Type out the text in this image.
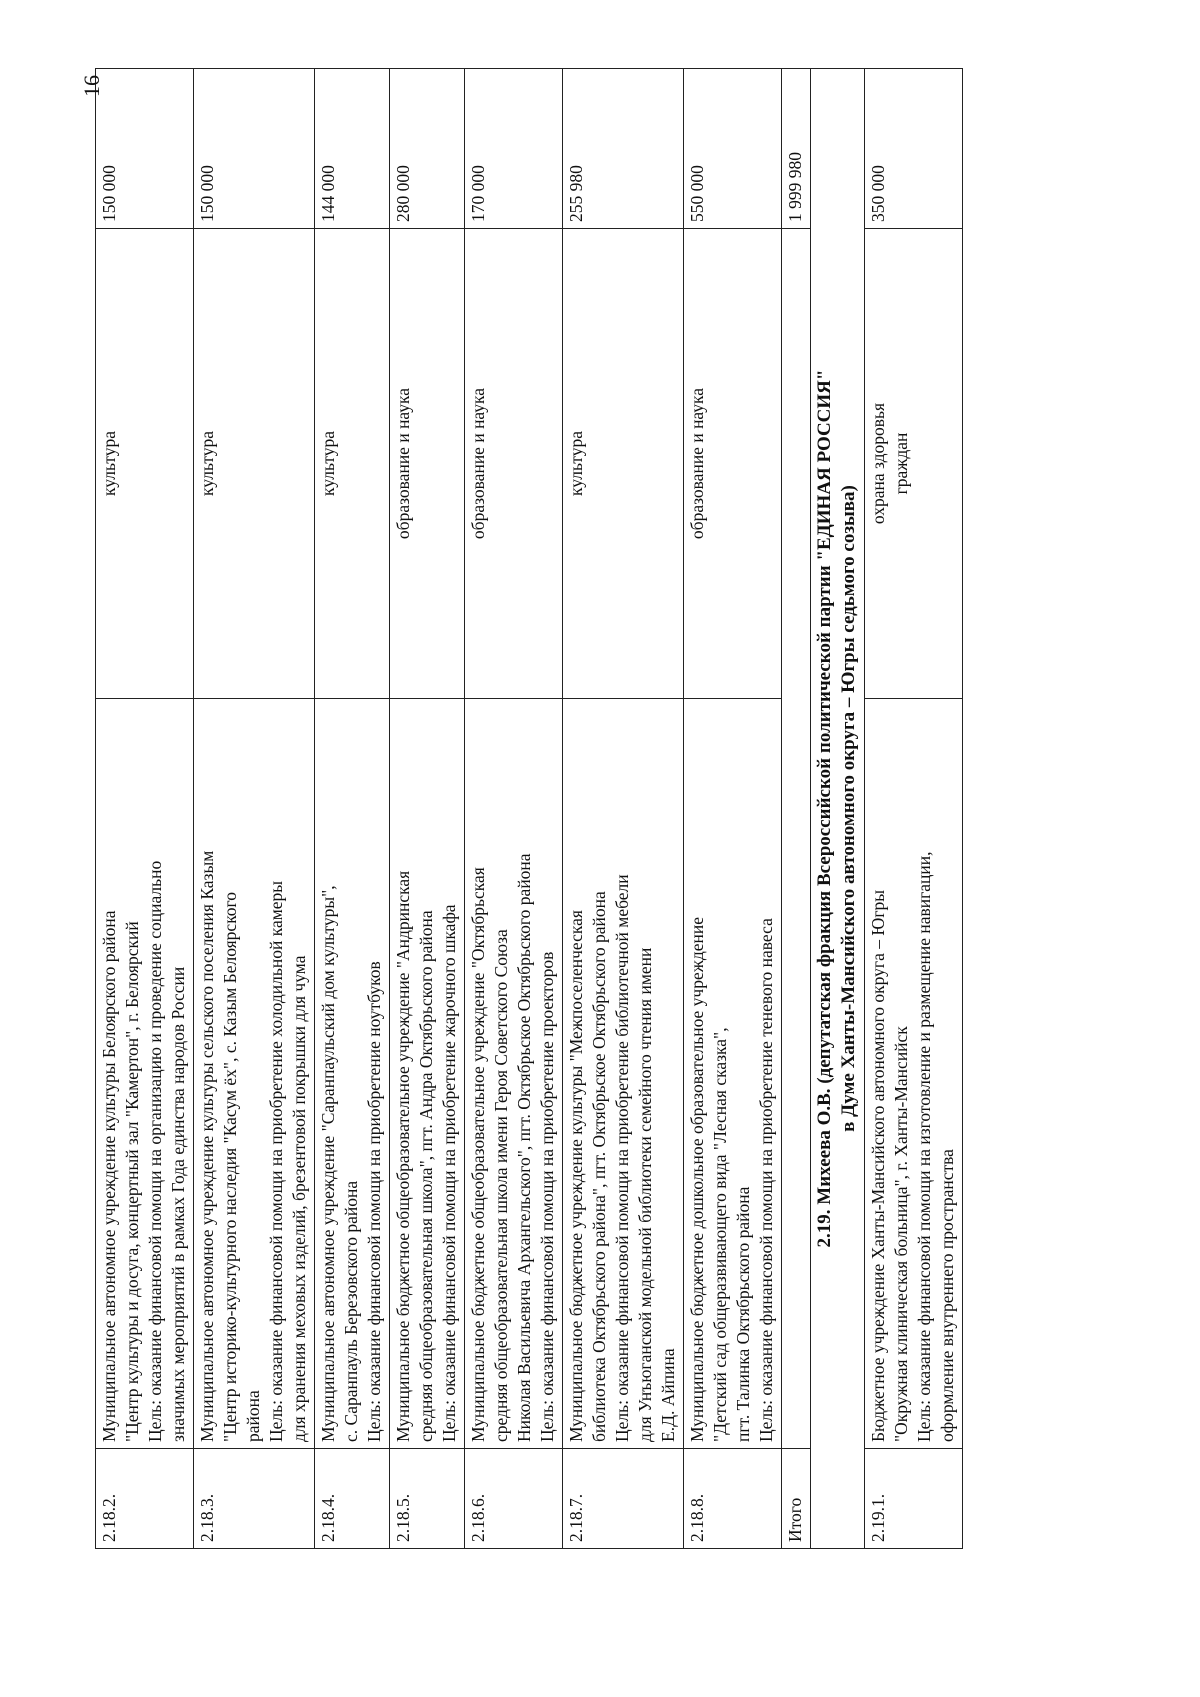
16
2.18.2.	Муниципальное автономное учреждение культуры Белоярского района "Центр культуры и досуга, концертный зал "Камертон", г. Белоярский Цель: оказание финансовой помощи на организацию и проведение социально значимых мероприятий в рамках Года единства народов России	культура	150 000
2.18.3.	Муниципальное автономное учреждение культуры сельского поселения Казым "Центр историко-культурного наследия "Касум ёх", с. Казым Белоярского района Цель: оказание финансовой помощи на приобретение холодильной камеры для хранения меховых изделий, брезентовой покрышки для чума	культура	150 000
2.18.4.	Муниципальное автономное учреждение "Саранпаульский дом культуры", с. Саранпауль Березовского района Цель: оказание финансовой помощи на приобретение ноутбуков	культура	144 000
2.18.5.	Муниципальное бюджетное общеобразовательное учреждение "Андринская средняя общеобразовательная школа", пгт. Андра Октябрьского района Цель: оказание финансовой помощи на приобретение жарочного шкафа	образование и наука	280 000
2.18.6.	Муниципальное бюджетное общеобразовательное учреждение "Октябрьская средняя общеобразовательная школа имени Героя Советского Союза Николая Васильевича Архангельского", пгт. Октябрьское Октябрьского района Цель: оказание финансовой помощи на приобретение проекторов	образование и наука	170 000
2.18.7.	Муниципальное бюджетное учреждение культуры "Межпоселенческая библиотека Октябрьского района", пгт. Октябрьское Октябрьского района Цель: оказание финансовой помощи на приобретение библиотечной мебели для Унъюганской модельной библиотеки семейного чтения имени Е.Д. Айпина	культура	255 980
2.18.8.	Муниципальное бюджетное дошкольное образовательное учреждение "Детский сад общеразвивающего вида "Лесная сказка", пгт. Талинка Октябрьского района Цель: оказание финансовой помощи на приобретение теневого навеса	образование и наука	550 000
Итого			1 999 980

2.19. Михеева О.В. (депутатская фракция Всероссийской политической партии "ЕДИНАЯ РОССИЯ" в Думе Ханты-Мансийского автономного округа – Югры седьмого созыва)			

2.19.1.	Бюджетное учреждение Ханты-Мансийского автономного округа – Югры "Окружная клиническая больница", г. Ханты-Мансийск Цель: оказание финансовой помощи на изготовление и размещение навигации, оформление внутреннего пространства	охрана здоровья граждан	350 000
